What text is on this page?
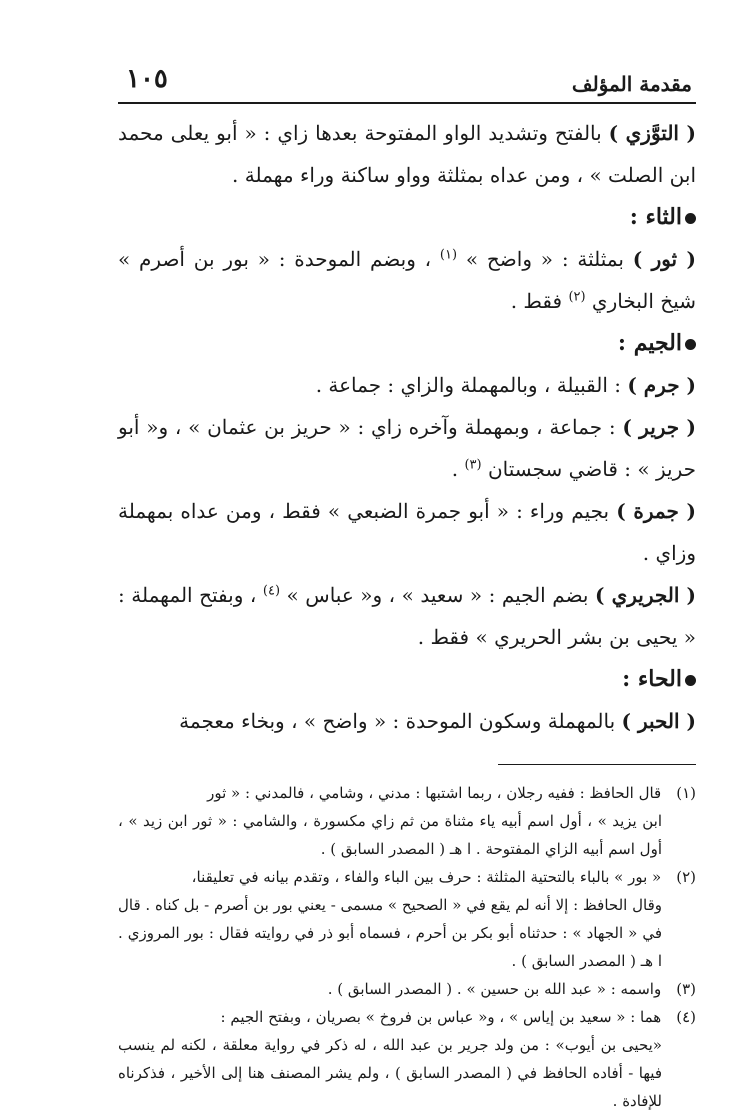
مقدمة المؤلف
١٠٥

( التوَّزي ) بالفتح وتشديد الواو المفتوحة بعدها زاي : « أبو يعلى محمد ابن الصلت » ، ومن عداه بمثلثة وواو ساكنة وراء مهملة .

الثاء :

( ثور ) بمثلثة : « واضح » $^{(١)}$ ، وبضم الموحدة : « بور بن أصرم » شيخ البخاري $^{(٢)}$ فقط .

الجيم :

( جرم ) : القبيلة ، وبالمهملة والزاي : جماعة .

( جرير ) : جماعة ، وبمهملة وآخره زاي : « حريز بن عثمان » ، و« أبو حريز » : قاضي سجستان $^{(٣)}$ .

( جمرة ) بجيم وراء : « أبو جمرة الضبعي » فقط ، ومن عداه بمهملة وزاي .

( الجريري ) بضم الجيم : « سعيد » ، و« عباس » $^{(٤)}$ ، وبفتح المهملة : « يحيى بن بشر الحريري » فقط .

الحاء :

( الحبر ) بالمهملة وسكون الموحدة : « واضح » ، وبخاء معجمة

(١) قال الحافظ : ففيه رجلان ، ربما اشتبها : مدني ، وشامي ، فالمدني : « ثور
ابن يزيد » ، أول اسم أبيه ياء مثناة من ثم زاي مكسورة ، والشامي : « ثور ابن زيد » ، أول اسم أبيه الزاي المفتوحة . ا هـ ( المصدر السابق ) .

(٢) « بور » بالباء بالتحتية المثلثة : حرف بين الباء والفاء ، وتقدم بيانه في تعليقنا،
وقال الحافظ : إلا أنه لم يقع في « الصحيح » مسمى - يعني بور بن أصرم - بل كناه . قال في « الجهاد » : حدثناه أبو بكر بن أحرم ، فسماه أبو ذر في روايته فقال : بور المروزي . ا هـ ( المصدر السابق ) .

(٣) واسمه : « عبد الله بن حسين » . ( المصدر السابق ) .

(٤) هما : « سعيد بن إياس » ، و« عباس بن فروخ » بصريان ، وبفتح الجيم :
«يحيى بن أيوب» : من ولد جرير بن عبد الله ، له ذكر في رواية معلقة ، لكنه لم ينسب فيها - أفاده الحافظ في ( المصدر السابق ) ، ولم يشر المصنف هنا إلى الأخير ، فذكرناه للإفادة .
